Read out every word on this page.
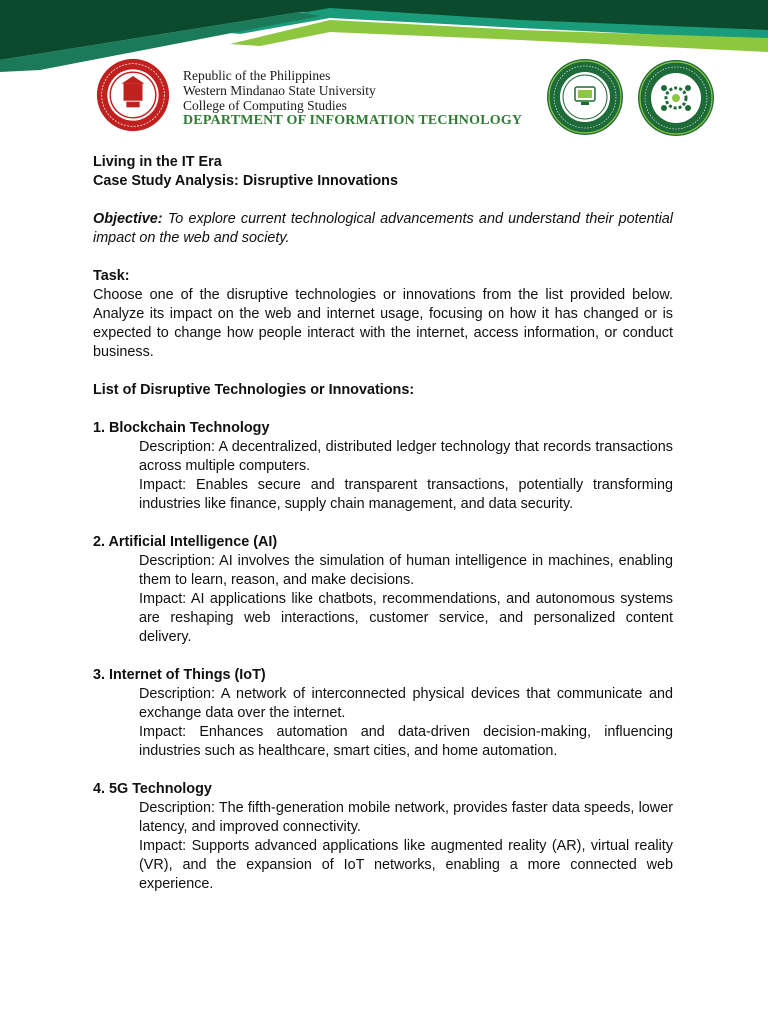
Republic of the Philippines
Western Mindanao State University
College of Computing Studies
DEPARTMENT OF INFORMATION TECHNOLOGY

Living in the IT Era

Case Study Analysis: Disruptive Innovations

Objective: To explore current technological advancements and understand their potential impact on the web and society.

Task:

Choose one of the disruptive technologies or innovations from the list provided below. Analyze its impact on the web and internet usage, focusing on how it has changed or is expected to change how people interact with the internet, access information, or conduct business.

List of Disruptive Technologies or Innovations:

1. Blockchain Technology

Description: A decentralized, distributed ledger technology that records transactions across multiple computers.

Impact: Enables secure and transparent transactions, potentially transforming industries like finance, supply chain management, and data security.

2. Artificial Intelligence (AI)

Description: AI involves the simulation of human intelligence in machines, enabling them to learn, reason, and make decisions.

Impact: AI applications like chatbots, recommendations, and autonomous systems are reshaping web interactions, customer service, and personalized content delivery.

3. Internet of Things (IoT)

Description: A network of interconnected physical devices that communicate and exchange data over the internet.

Impact: Enhances automation and data-driven decision-making, influencing industries such as healthcare, smart cities, and home automation.

4. 5G Technology

Description: The fifth-generation mobile network, provides faster data speeds, lower latency, and improved connectivity.

Impact: Supports advanced applications like augmented reality (AR), virtual reality (VR), and the expansion of IoT networks, enabling a more connected web experience.
